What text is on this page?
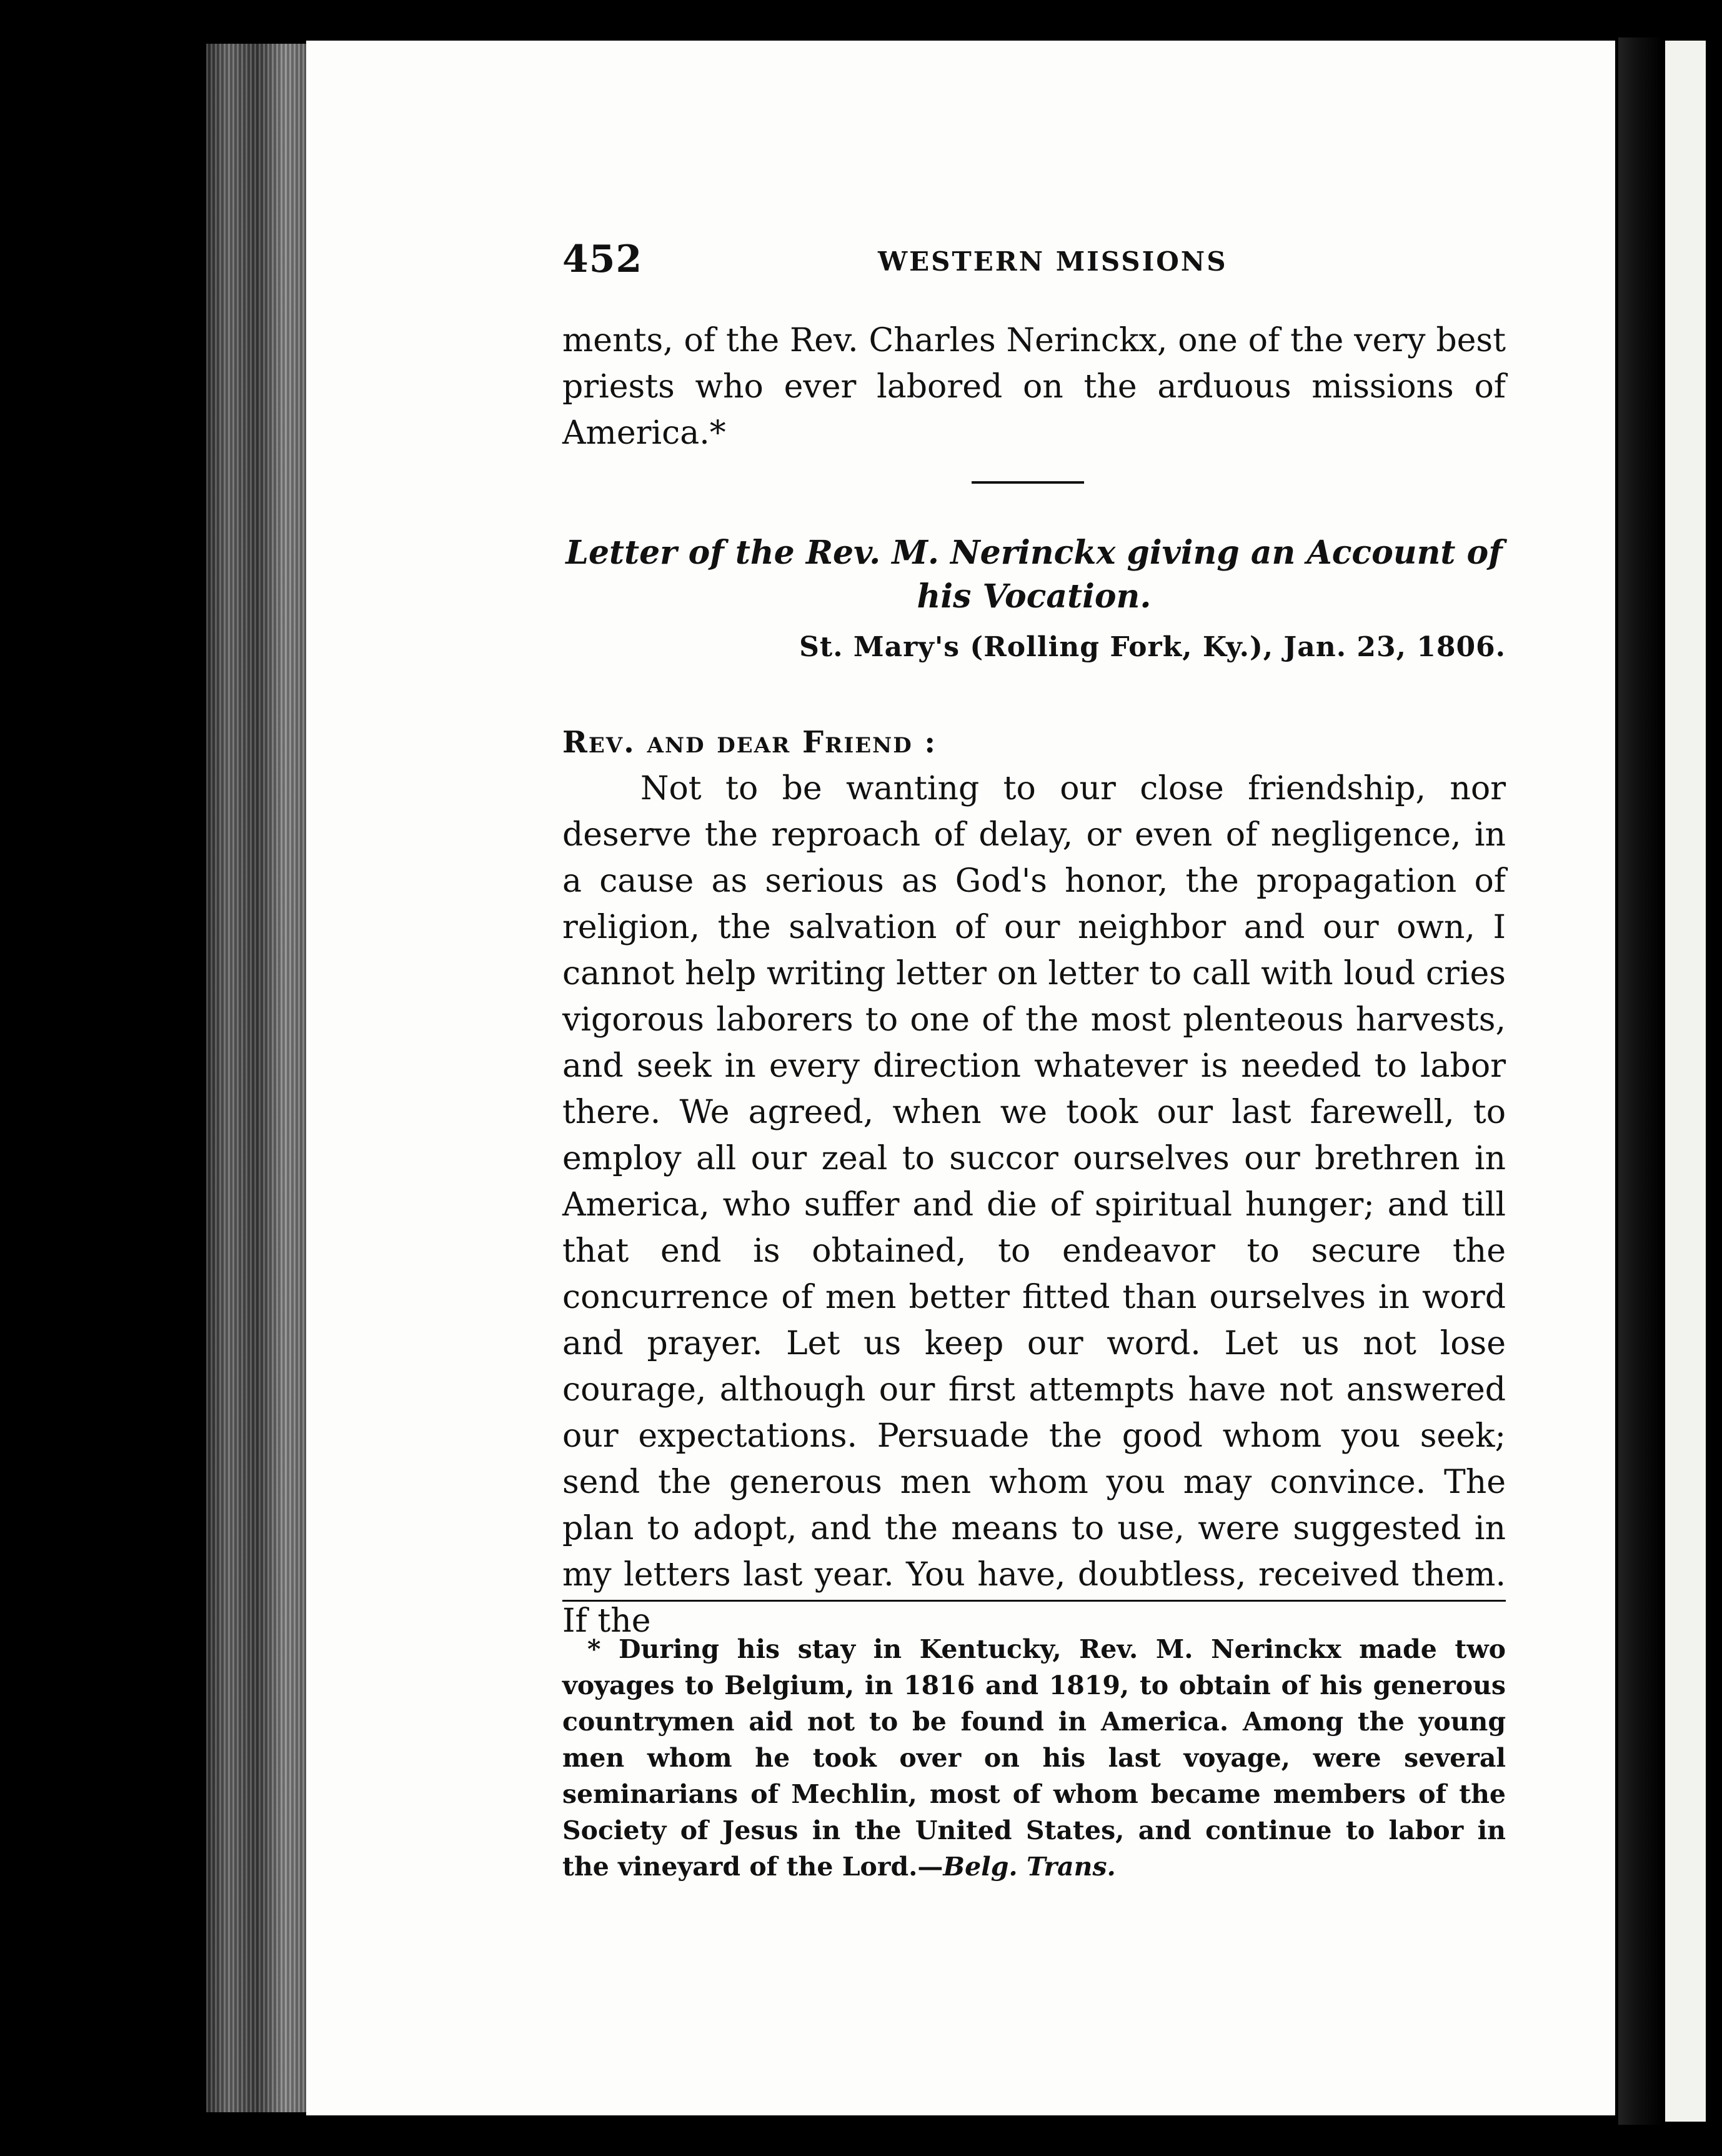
452	WESTERN MISSIONS

ments, of the Rev. Charles Nerinckx, one of the very best priests who ever labored on the arduous missions of America.*

Letter of the Rev. M. Nerinckx giving an Account of his Vocation.
St. Mary's (Rolling Fork, Ky.), Jan. 23, 1806.
Rev. and dear Friend :

Not to be wanting to our close friendship, nor deserve the reproach of delay, or even of negligence, in a cause as serious as God's honor, the propagation of religion, the salvation of our neighbor and our own, I cannot help writing letter on letter to call with loud cries vigorous laborers to one of the most plenteous harvests, and seek in every direction whatever is needed to labor there. We agreed, when we took our last farewell, to employ all our zeal to succor ourselves our brethren in America, who suffer and die of spiritual hunger; and till that end is obtained, to endeavor to secure the concurrence of men better fitted than ourselves in word and prayer. Let us keep our word. Let us not lose courage, although our first attempts have not answered our expectations. Persuade the good whom you seek; send the generous men whom you may convince. The plan to adopt, and the means to use, were suggested in my letters last year. You have, doubtless, received them. If the

* During his stay in Kentucky, Rev. M. Nerinckx made two voyages to Belgium, in 1816 and 1819, to obtain of his generous countrymen aid not to be found in America. Among the young men whom he took over on his last voyage, were several seminarians of Mechlin, most of whom became members of the Society of Jesus in the United States, and continue to labor in the vineyard of the Lord.—Belg. Trans.
